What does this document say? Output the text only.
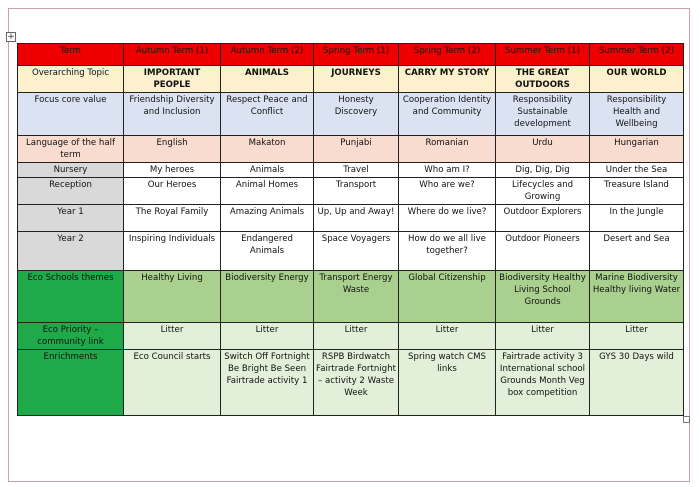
+
Term	Autumn Term (1)	Autumn Term (2)	Spring Term (1)	Spring Term (2)	Summer Term (1)	Summer Term (2)
Overarching Topic	IMPORTANT PEOPLE	ANIMALS	JOURNEYS	CARRY MY STORY	THE GREAT OUTDOORS	OUR WORLD
Focus core value	Friendship Diversity and Inclusion	Respect Peace and Conflict	Honesty Discovery	Cooperation Identity and Community	Responsibility Sustainable development	Responsibility Health and Wellbeing
Language of the half term	English	Makaton	Punjabi	Romanian	Urdu	Hungarian
Nursery	My heroes	Animals	Travel	Who am I?	Dig, Dig, Dig	Under the Sea
Reception	Our Heroes	Animal Homes	Transport	Who are we?	Lifecycles and Growing	Treasure Island
Year 1	The Royal Family	Amazing Animals	Up, Up and Away!	Where do we live?	Outdoor Explorers	In the Jungle
Year 2	Inspiring Individuals	Endangered Animals	Space Voyagers	How do we all live together?	Outdoor Pioneers	Desert and Sea
Eco Schools themes	Healthy Living	Biodiversity Energy	Transport Energy Waste	Global Citizenship	Biodiversity Healthy Living School Grounds	Marine Biodiversity Healthy living Water
Eco Priority – community link	Litter	Litter	Litter	Litter	Litter	Litter
Enrichments	Eco Council starts	Switch Off Fortnight Be Bright Be Seen Fairtrade activity 1	RSPB Birdwatch Fairtrade Fortnight – activity 2 Waste Week	Spring watch CMS links	Fairtrade activity 3 International school Grounds Month Veg box competition	GYS 30 Days wild
